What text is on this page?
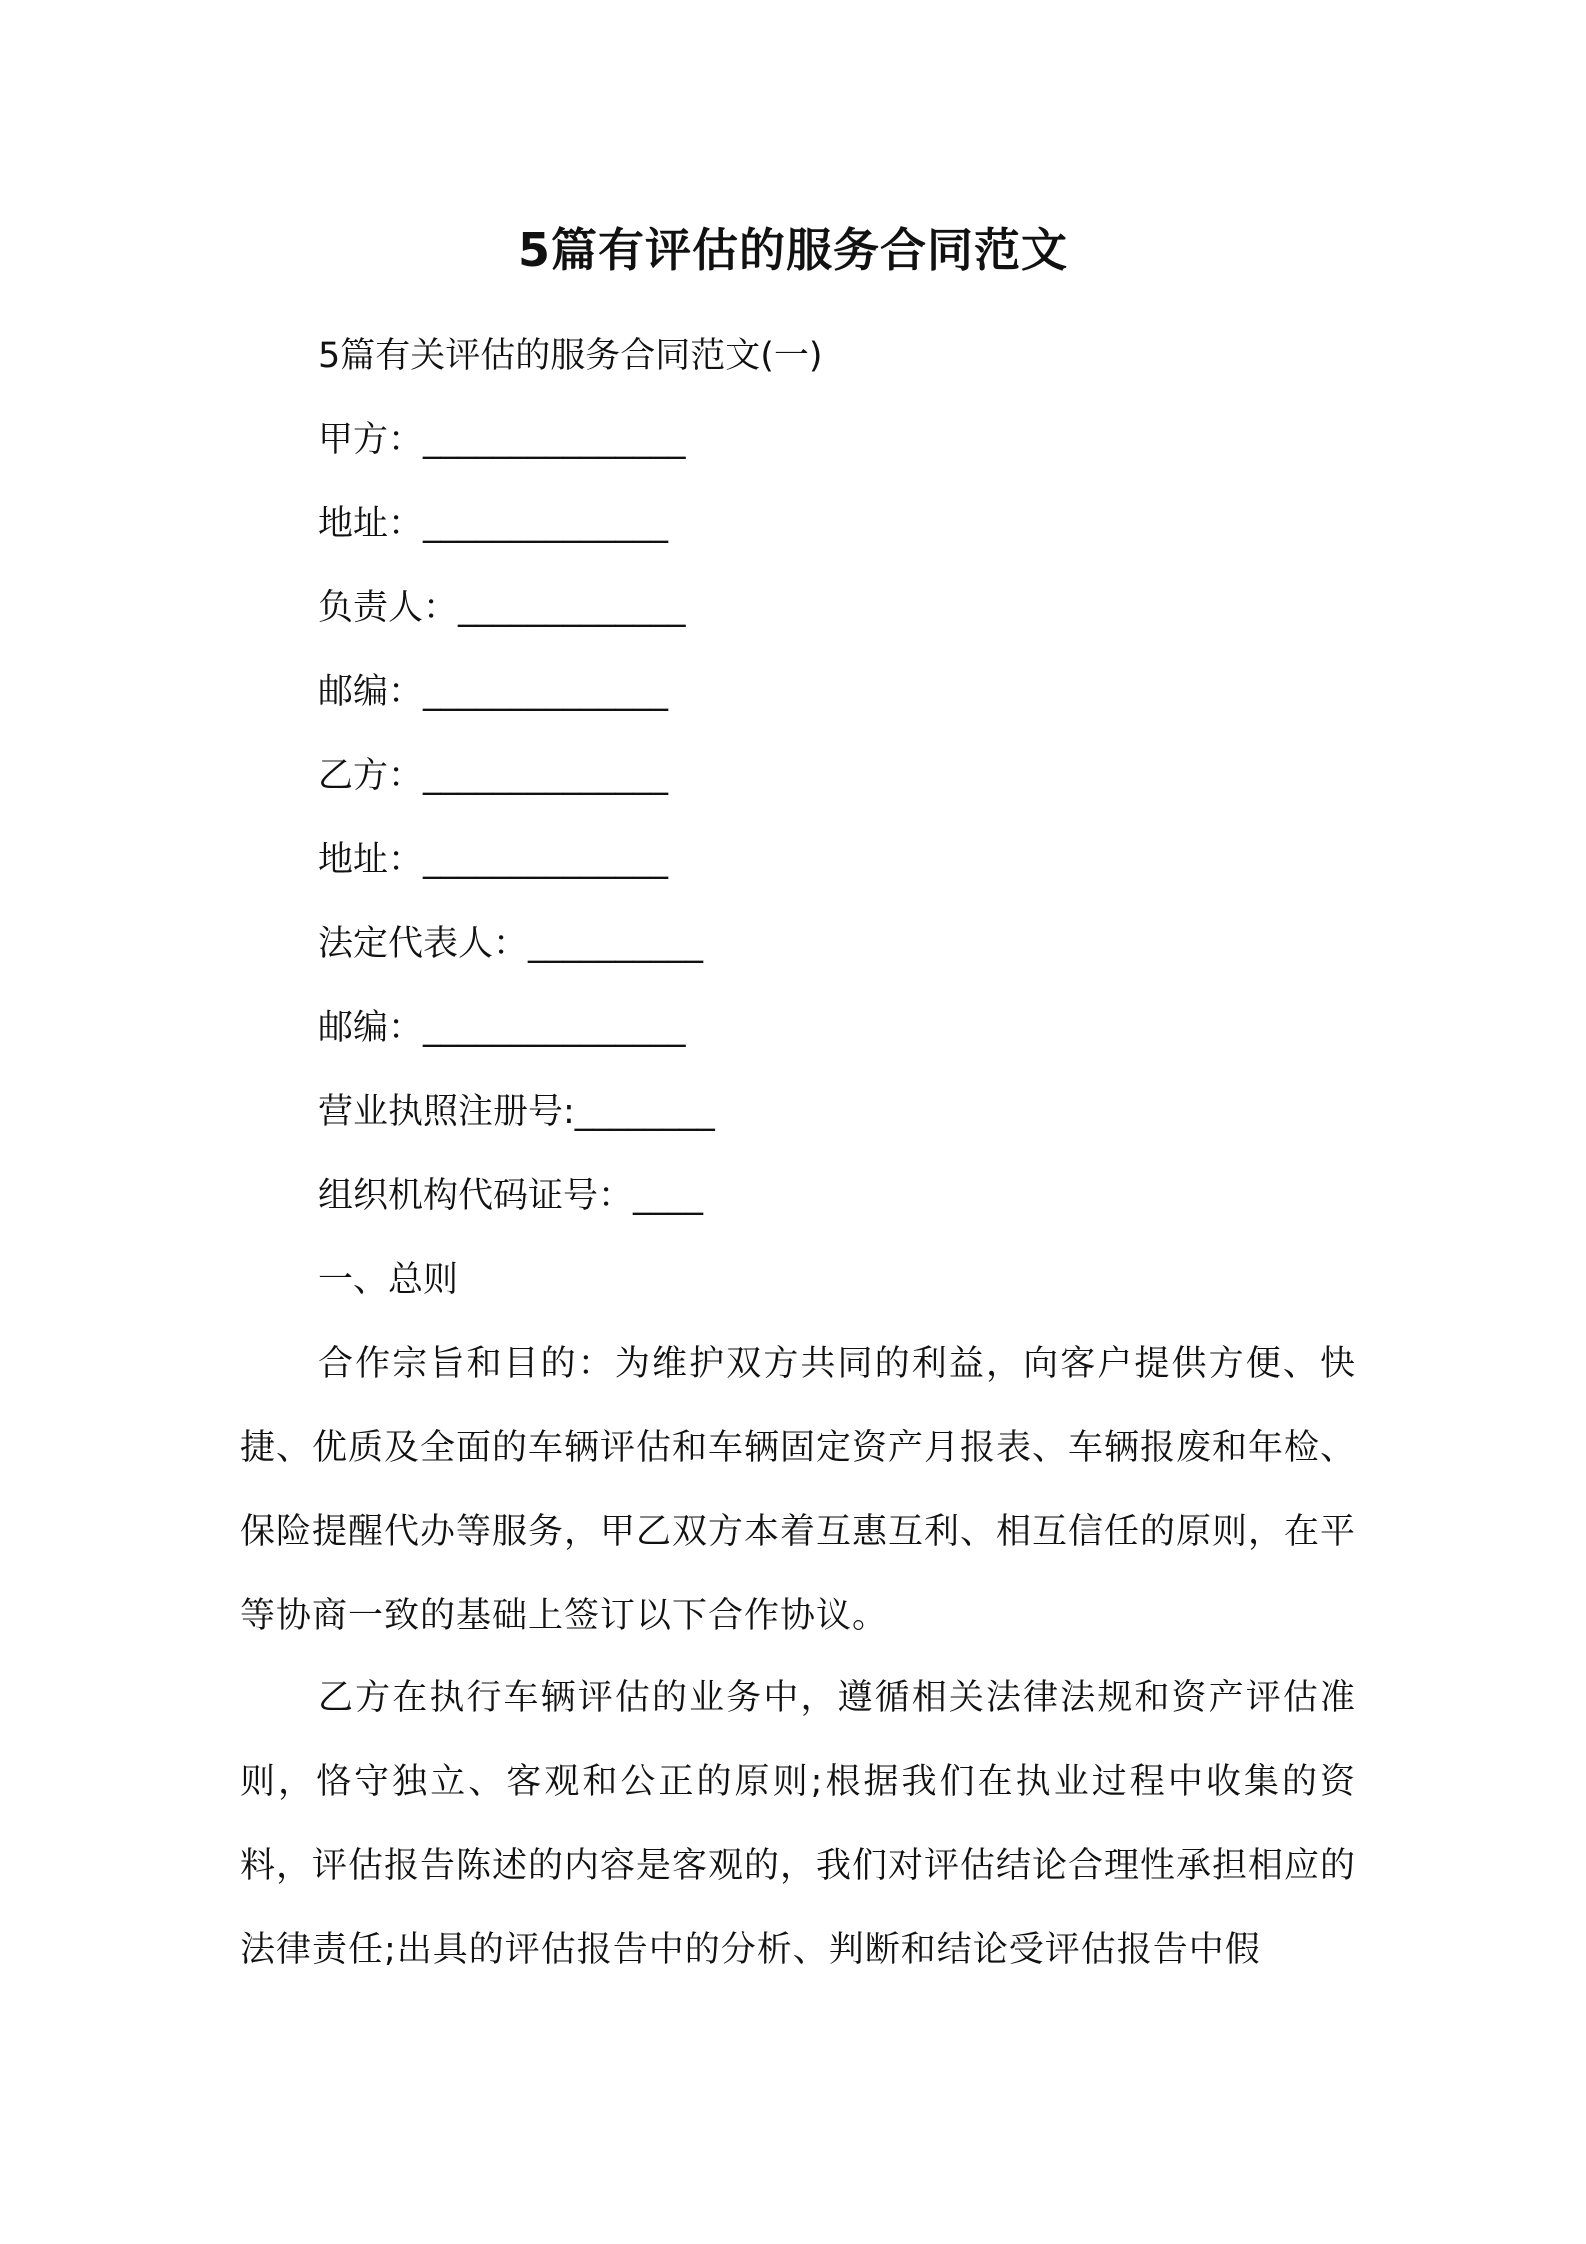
5篇有评估的服务合同范文
5篇有关评估的服务合同范文(一)
甲方：_______________
地址：______________
负责人：_____________
邮编：______________
乙方：______________
地址：______________
法定代表人：__________
邮编：_______________
营业执照注册号:________
组织机构代码证号：____
一、总则

合作宗旨和目的：为维护双方共同的利益，向客户提供方便、快捷、优质及全面的车辆评估和车辆固定资产月报表、车辆报废和年检、保险提醒代办等服务，甲乙双方本着互惠互利、相互信任的原则，在平等协商一致的基础上签订以下合作协议。

乙方在执行车辆评估的业务中，遵循相关法律法规和资产评估准则，恪守独立、客观和公正的原则;根据我们在执业过程中收集的资料，评估报告陈述的内容是客观的，我们对评估结论合理性承担相应的法律责任;出具的评估报告中的分析、判断和结论受评估报告中假
